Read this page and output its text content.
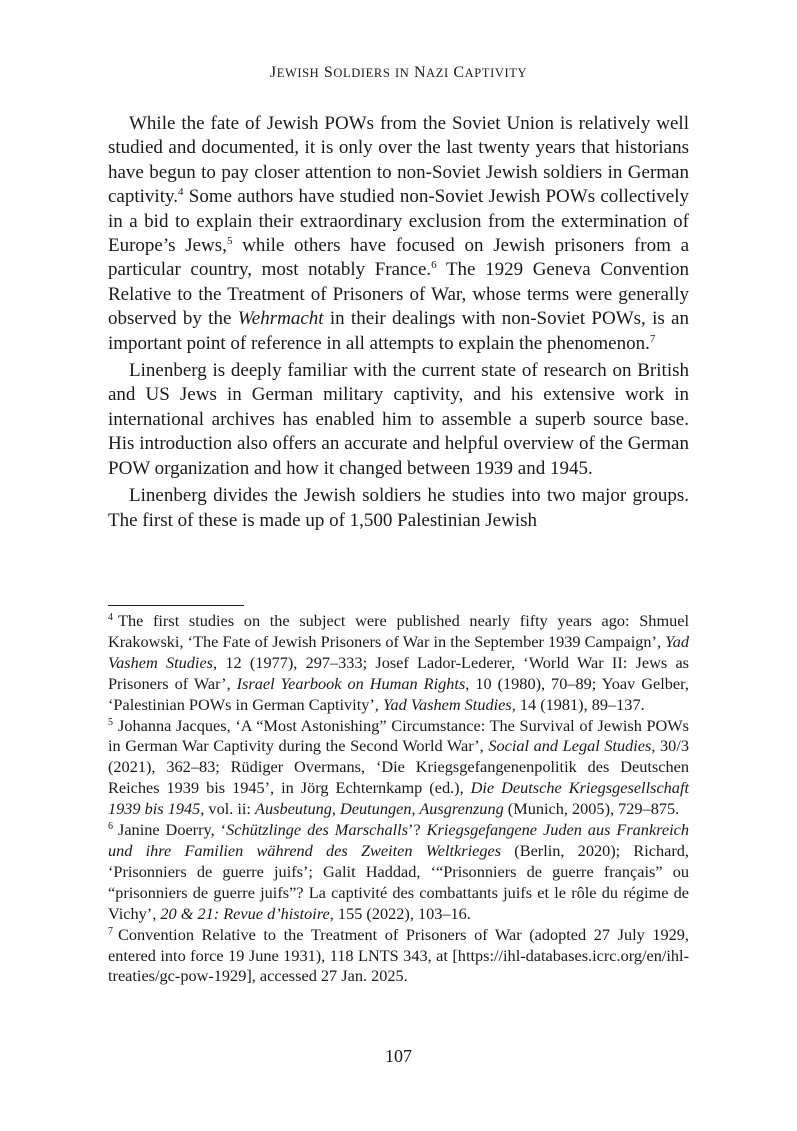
JEWISH SOLDIERS IN NAZI CAPTIVITY

While the fate of Jewish POWs from the Soviet Union is relatively well studied and documented, it is only over the last twenty years that historians have begun to pay closer attention to non-Soviet Jewish soldiers in German captivity.$^4$ Some authors have studied non-Soviet Jewish POWs collectively in a bid to explain their extraordinary exclusion from the extermination of Europe’s Jews,$^5$ while others have focused on Jewish prisoners from a particular country, most notably France.$^6$ The 1929 Geneva Convention Relative to the Treatment of Prisoners of War, whose terms were generally observed by the Wehrmacht in their dealings with non-Soviet POWs, is an important point of reference in all attempts to explain the phenomenon.$^7$

Linenberg is deeply familiar with the current state of research on British and US Jews in German military captivity, and his extensive work in international archives has enabled him to assemble a superb source base. His introduction also offers an accurate and helpful overview of the German POW organization and how it changed between 1939 and 1945.

Linenberg divides the Jewish soldiers he studies into two major groups. The first of these is made up of 1,500 Palestinian Jewish

$^4$ The first studies on the subject were published nearly fifty years ago: Shmuel Krakowski, ‘The Fate of Jewish Prisoners of War in the September 1939 Campaign’, Yad Vashem Studies, 12 (1977), 297–333; Josef Lador-Lederer, ‘World War II: Jews as Prisoners of War’, Israel Yearbook on Human Rights, 10 (1980), 70–89; Yoav Gelber, ‘Palestinian POWs in German Captivity’, Yad Vashem Studies, 14 (1981), 89–137.

$^5$ Johanna Jacques, ‘A “Most Astonishing” Circumstance: The Survival of Jewish POWs in German War Captivity during the Second World War’, Social and Legal Studies, 30/3 (2021), 362–83; Rüdiger Overmans, ‘Die Kriegsgefangenenpolitik des Deutschen Reiches 1939 bis 1945’, in Jörg Echternkamp (ed.), Die Deutsche Kriegsgesellschaft 1939 bis 1945, vol. ii: Ausbeutung, Deutungen, Ausgrenzung (Munich, 2005), 729–875.

$^6$ Janine Doerry, ‘Schützlinge des Marschalls’? Kriegsgefangene Juden aus Frankreich und ihre Familien während des Zweiten Weltkrieges (Berlin, 2020); Richard, ‘Prisonniers de guerre juifs’; Galit Haddad, ‘“Prisonniers de guerre français” ou “prisonniers de guerre juifs”? La captivité des combattants juifs et le rôle du régime de Vichy’, 20 & 21: Revue d’histoire, 155 (2022), 103–16.

$^7$ Convention Relative to the Treatment of Prisoners of War (adopted 27 July 1929, entered into force 19 June 1931), 118 LNTS 343, at [https://ihl-databases.icrc.org/en/ihl-treaties/gc-pow-1929], accessed 27 Jan. 2025.

107
